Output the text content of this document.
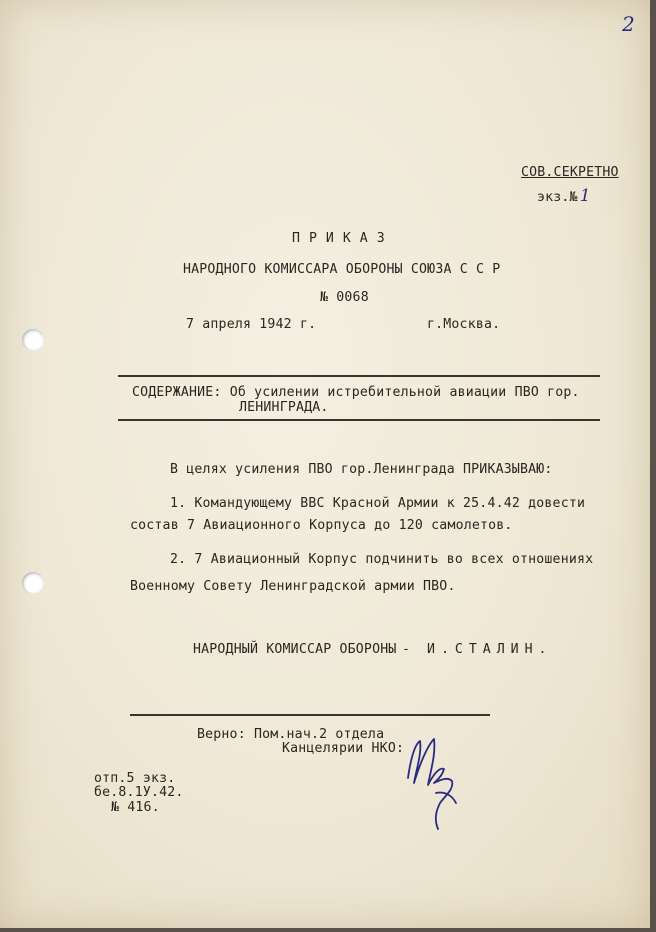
2
СОВ.СЕКРЕТНО
экз.№ 1
ПРИКАЗ
НАРОДНОГО КОМИССАРА ОБОРОНЫ СОЮЗА С С Р
№ 0068
7 апреля 1942 г.	г.Москва.
СОДЕРЖАНИЕ: Об усилении истребительной авиации ПВО гор.
ЛЕНИНГРАДА.
В целях усиления ПВО гор.Ленинграда ПРИКАЗЫВАЮ:
1. Командующему ВВС Красной Армии к 25.4.42 довести
состав 7 Авиационного Корпуса до 120 самолетов.
2. 7 Авиационный Корпус подчинить во всех отношениях
Военному Совету Ленинградской армии ПВО.
НАРОДНЫЙ КОМИССАР ОБОРОНЫ - И.СТАЛИН.
Верно: Пом.нач.2 отдела
Канцелярии НКО:
отп.5 экз.
бе.8.1У.42.
№ 416.
